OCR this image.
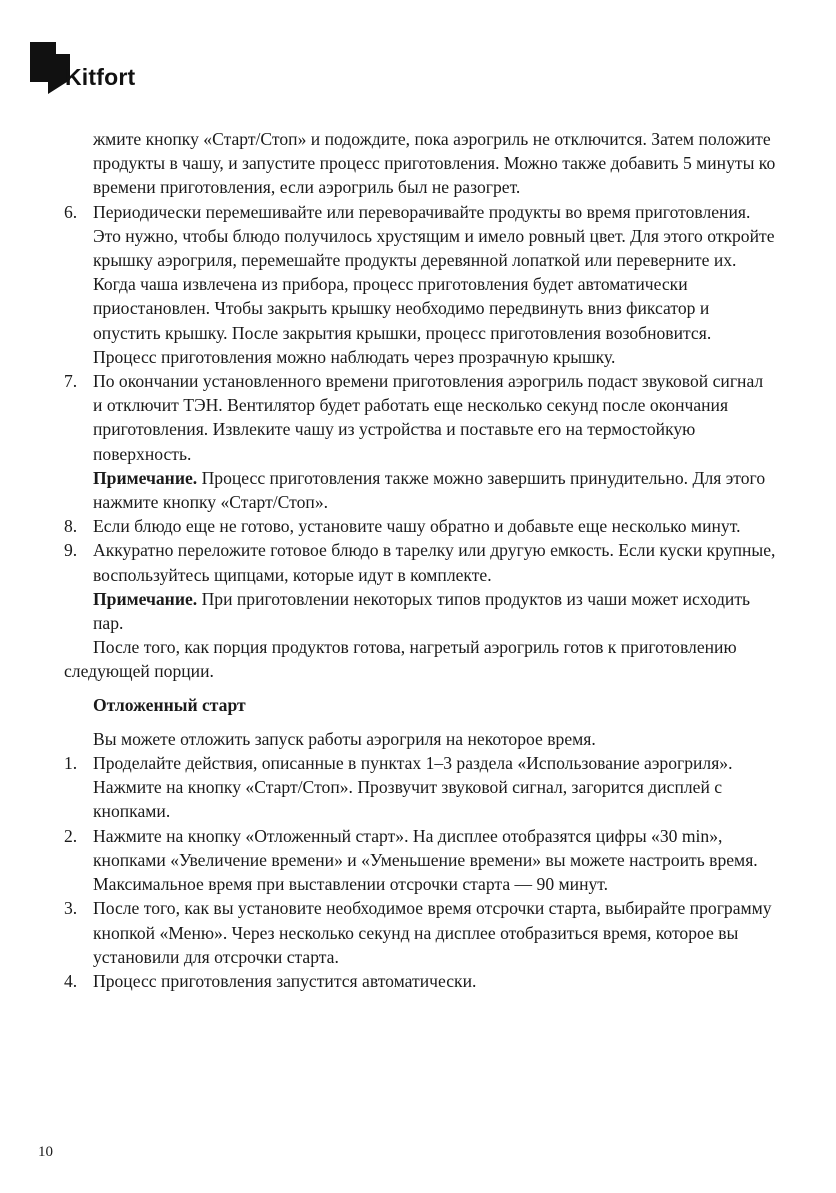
Kitfort

жмите кнопку «Старт/Стоп» и подождите, пока аэрогриль не отключится. Затем положите продукты в чашу, и запустите процесс приготовления. Можно также добавить 5 минуты ко времени приготовления, если аэрогриль был не разогрет.

6. Периодически перемешивайте или переворачивайте продукты во время приготовления. Это нужно, чтобы блюдо получилось хрустящим и имело ровный цвет. Для этого откройте крышку аэрогриля, перемешайте продукты деревянной лопаткой или переверните их. Когда чаша извлечена из прибора, процесс приготовления будет автоматически приостановлен. Чтобы закрыть крышку необходимо передвинуть вниз фиксатор и опустить крышку. После закрытия крышки, процесс приготовления возобновится. Процесс приготовления можно наблюдать через прозрачную крышку.
7. По окончании установленного времени приготовления аэрогриль подаст звуковой сигнал и отключит ТЭН. Вентилятор будет работать еще несколько секунд после окончания приготовления. Извлеките чашу из устройства и поставьте его на термостойкую поверхность.

Примечание. Процесс приготовления также можно завершить принудительно. Для этого нажмите кнопку «Старт/Стоп».

8. Если блюдо еще не готово, установите чашу обратно и добавьте еще несколько минут.
9. Аккуратно переложите готовое блюдо в тарелку или другую емкость. Если куски крупные, воспользуйтесь щипцами, которые идут в комплекте.

Примечание. При приготовлении некоторых типов продуктов из чаши может исходить пар.

После того, как порция продуктов готова, нагретый аэрогриль готов к приготовлению следующей порции.

Отложенный старт

Вы можете отложить запуск работы аэрогриля на некоторое время.

1. Проделайте действия, описанные в пунктах 1–3 раздела «Использование аэрогриля». Нажмите на кнопку «Старт/Стоп». Прозвучит звуковой сигнал, загорится дисплей с кнопками.
2. Нажмите на кнопку «Отложенный старт». На дисплее отобразятся цифры «30 min», кнопками «Увеличение времени» и «Уменьшение времени» вы можете настроить время. Максимальное время при выставлении отсрочки старта — 90 минут.
3. После того, как вы установите необходимое время отсрочки старта, выбирайте программу кнопкой «Меню». Через несколько секунд на дисплее отобразиться время, которое вы установили для отсрочки старта.
4. Процесс приготовления запустится автоматически.
10
